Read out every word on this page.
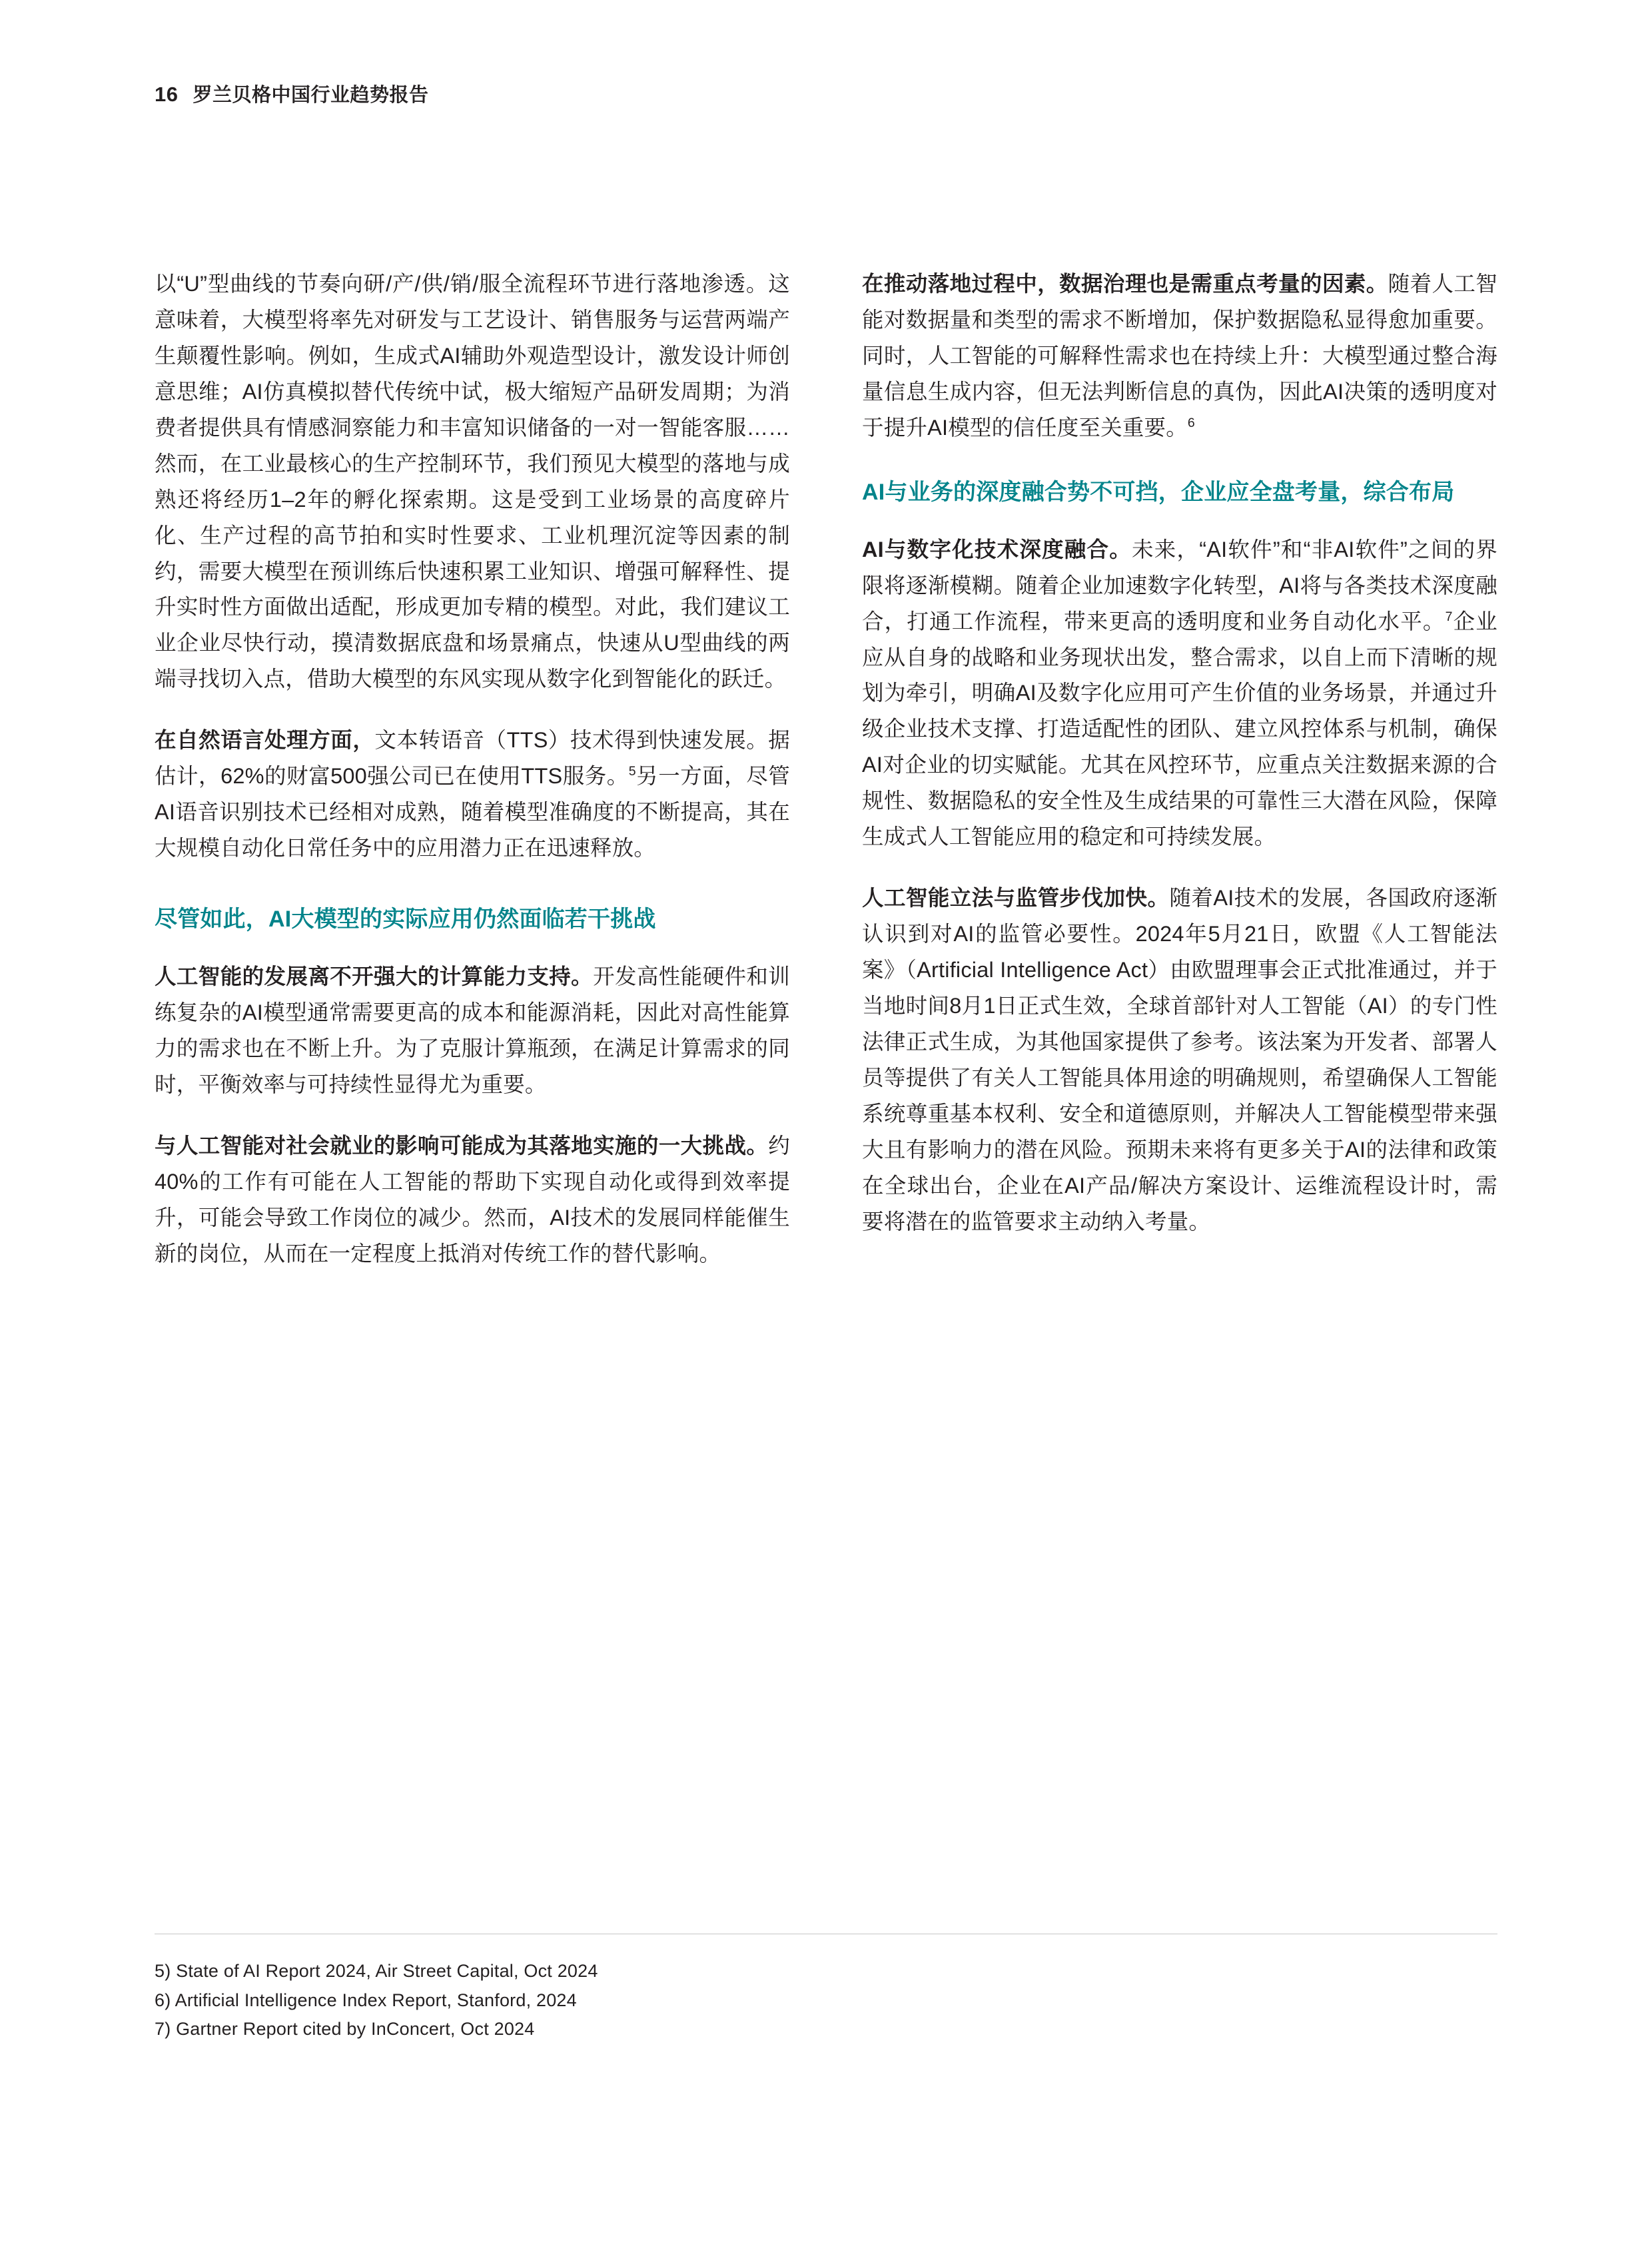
16 罗兰贝格中国行业趋势报告

以“U”型曲线的节奏向研/产/供/销/服全流程环节进行落地渗透。这意味着，大模型将率先对研发与工艺设计、销售服务与运营两端产生颠覆性影响。例如，生成式AI辅助外观造型设计，激发设计师创意思维；AI仿真模拟替代传统中试，极大缩短产品研发周期；为消费者提供具有情感洞察能力和丰富知识储备的一对一智能客服……然而，在工业最核心的生产控制环节，我们预见大模型的落地与成熟还将经历1–2年的孵化探索期。这是受到工业场景的高度碎片化、生产过程的高节拍和实时性要求、工业机理沉淀等因素的制约，需要大模型在预训练后快速积累工业知识、增强可解释性、提升实时性方面做出适配，形成更加专精的模型。对此，我们建议工业企业尽快行动，摸清数据底盘和场景痛点，快速从U型曲线的两端寻找切入点，借助大模型的东风实现从数字化到智能化的跃迁。

在自然语言处理方面，文本转语音（TTS）技术得到快速发展。据估计，62%的财富500强公司已在使用TTS服务。$^5$另一方面，尽管AI语音识别技术已经相对成熟，随着模型准确度的不断提高，其在大规模自动化日常任务中的应用潜力正在迅速释放。

尽管如此，AI大模型的实际应用仍然面临若干挑战

人工智能的发展离不开强大的计算能力支持。开发高性能硬件和训练复杂的AI模型通常需要更高的成本和能源消耗，因此对高性能算力的需求也在不断上升。为了克服计算瓶颈，在满足计算需求的同时，平衡效率与可持续性显得尤为重要。

与人工智能对社会就业的影响可能成为其落地实施的一大挑战。约40%的工作有可能在人工智能的帮助下实现自动化或得到效率提升，可能会导致工作岗位的减少。然而，AI技术的发展同样能催生新的岗位，从而在一定程度上抵消对传统工作的替代影响。

在推动落地过程中，数据治理也是需重点考量的因素。随着人工智能对数据量和类型的需求不断增加，保护数据隐私显得愈加重要。同时，人工智能的可解释性需求也在持续上升：大模型通过整合海量信息生成内容，但无法判断信息的真伪，因此AI决策的透明度对于提升AI模型的信任度至关重要。$^6$

AI与业务的深度融合势不可挡，企业应全盘考量，综合布局

AI与数字化技术深度融合。未来，“AI软件”和“非AI软件”之间的界限将逐渐模糊。随着企业加速数字化转型，AI将与各类技术深度融合，打通工作流程，带来更高的透明度和业务自动化水平。$^7$企业应从自身的战略和业务现状出发，整合需求，以自上而下清晰的规划为牵引，明确AI及数字化应用可产生价值的业务场景，并通过升级企业技术支撑、打造适配性的团队、建立风控体系与机制，确保AI对企业的切实赋能。尤其在风控环节，应重点关注数据来源的合规性、数据隐私的安全性及生成结果的可靠性三大潜在风险，保障生成式人工智能应用的稳定和可持续发展。

人工智能立法与监管步伐加快。随着AI技术的发展，各国政府逐渐认识到对AI的监管必要性。2024年5月21日，欧盟《人工智能法案》（Artificial Intelligence Act）由欧盟理事会正式批准通过，并于当地时间8月1日正式生效，全球首部针对人工智能（AI）的专门性法律正式生成，为其他国家提供了参考。该法案为开发者、部署人员等提供了有关人工智能具体用途的明确规则，希望确保人工智能系统尊重基本权利、安全和道德原则，并解决人工智能模型带来强大且有影响力的潜在风险。预期未来将有更多关于AI的法律和政策在全球出台，企业在AI产品/解决方案设计、运维流程设计时，需要将潜在的监管要求主动纳入考量。

5) State of AI Report 2024, Air Street Capital, Oct 2024
6) Artificial Intelligence Index Report, Stanford, 2024
7) Gartner Report cited by InConcert, Oct 2024
